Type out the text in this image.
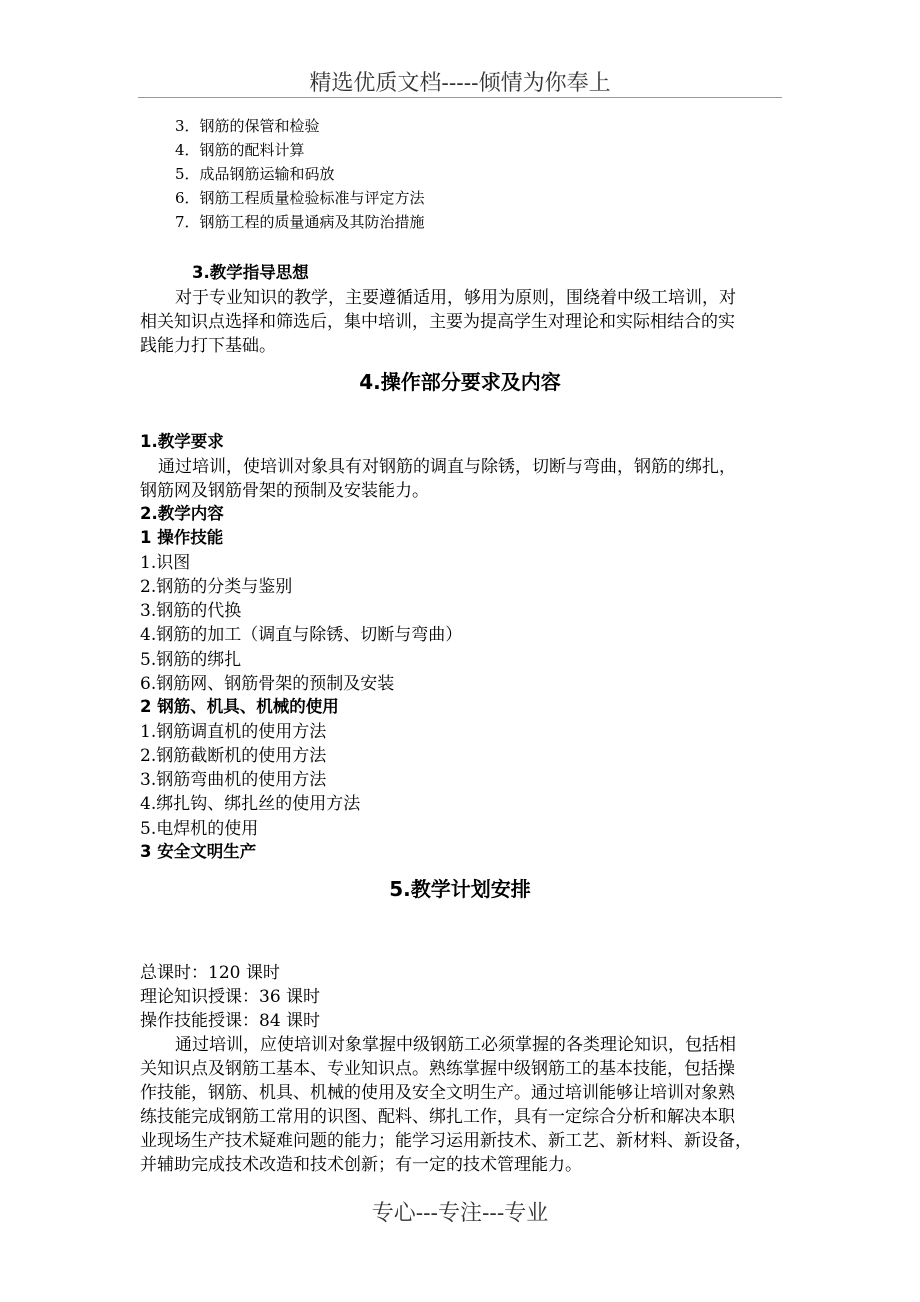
精选优质文档-----倾情为你奉上
3．钢筋的保管和检验
4．钢筋的配料计算
5．成品钢筋运输和码放
6．钢筋工程质量检验标准与评定方法
7．钢筋工程的质量通病及其防治措施
3.教学指导思想
对于专业知识的教学，主要遵循适用，够用为原则，围绕着中级工培训，对
相关知识点选择和筛选后，集中培训，主要为提高学生对理论和实际相结合的实
践能力打下基础。
4.操作部分要求及内容
1.教学要求
通过培训，使培训对象具有对钢筋的调直与除锈，切断与弯曲，钢筋的绑扎，
钢筋网及钢筋骨架的预制及安装能力。
2.教学内容
1 操作技能
1.识图
2.钢筋的分类与鉴别
3.钢筋的代换
4.钢筋的加工（调直与除锈、切断与弯曲）
5.钢筋的绑扎
6.钢筋网、钢筋骨架的预制及安装
2 钢筋、机具、机械的使用
1.钢筋调直机的使用方法
2.钢筋截断机的使用方法
3.钢筋弯曲机的使用方法
4.绑扎钩、绑扎丝的使用方法
5.电焊机的使用
3 安全文明生产
5.教学计划安排
总课时：120 课时
理论知识授课：36 课时
操作技能授课：84 课时
通过培训，应使培训对象掌握中级钢筋工必须掌握的各类理论知识，包括相
关知识点及钢筋工基本、专业知识点。熟练掌握中级钢筋工的基本技能，包括操
作技能，钢筋、机具、机械的使用及安全文明生产。通过培训能够让培训对象熟
练技能完成钢筋工常用的识图、配料、绑扎工作，具有一定综合分析和解决本职
业现场生产技术疑难问题的能力；能学习运用新技术、新工艺、新材料、新设备，
并辅助完成技术改造和技术创新；有一定的技术管理能力。
专心---专注---专业
